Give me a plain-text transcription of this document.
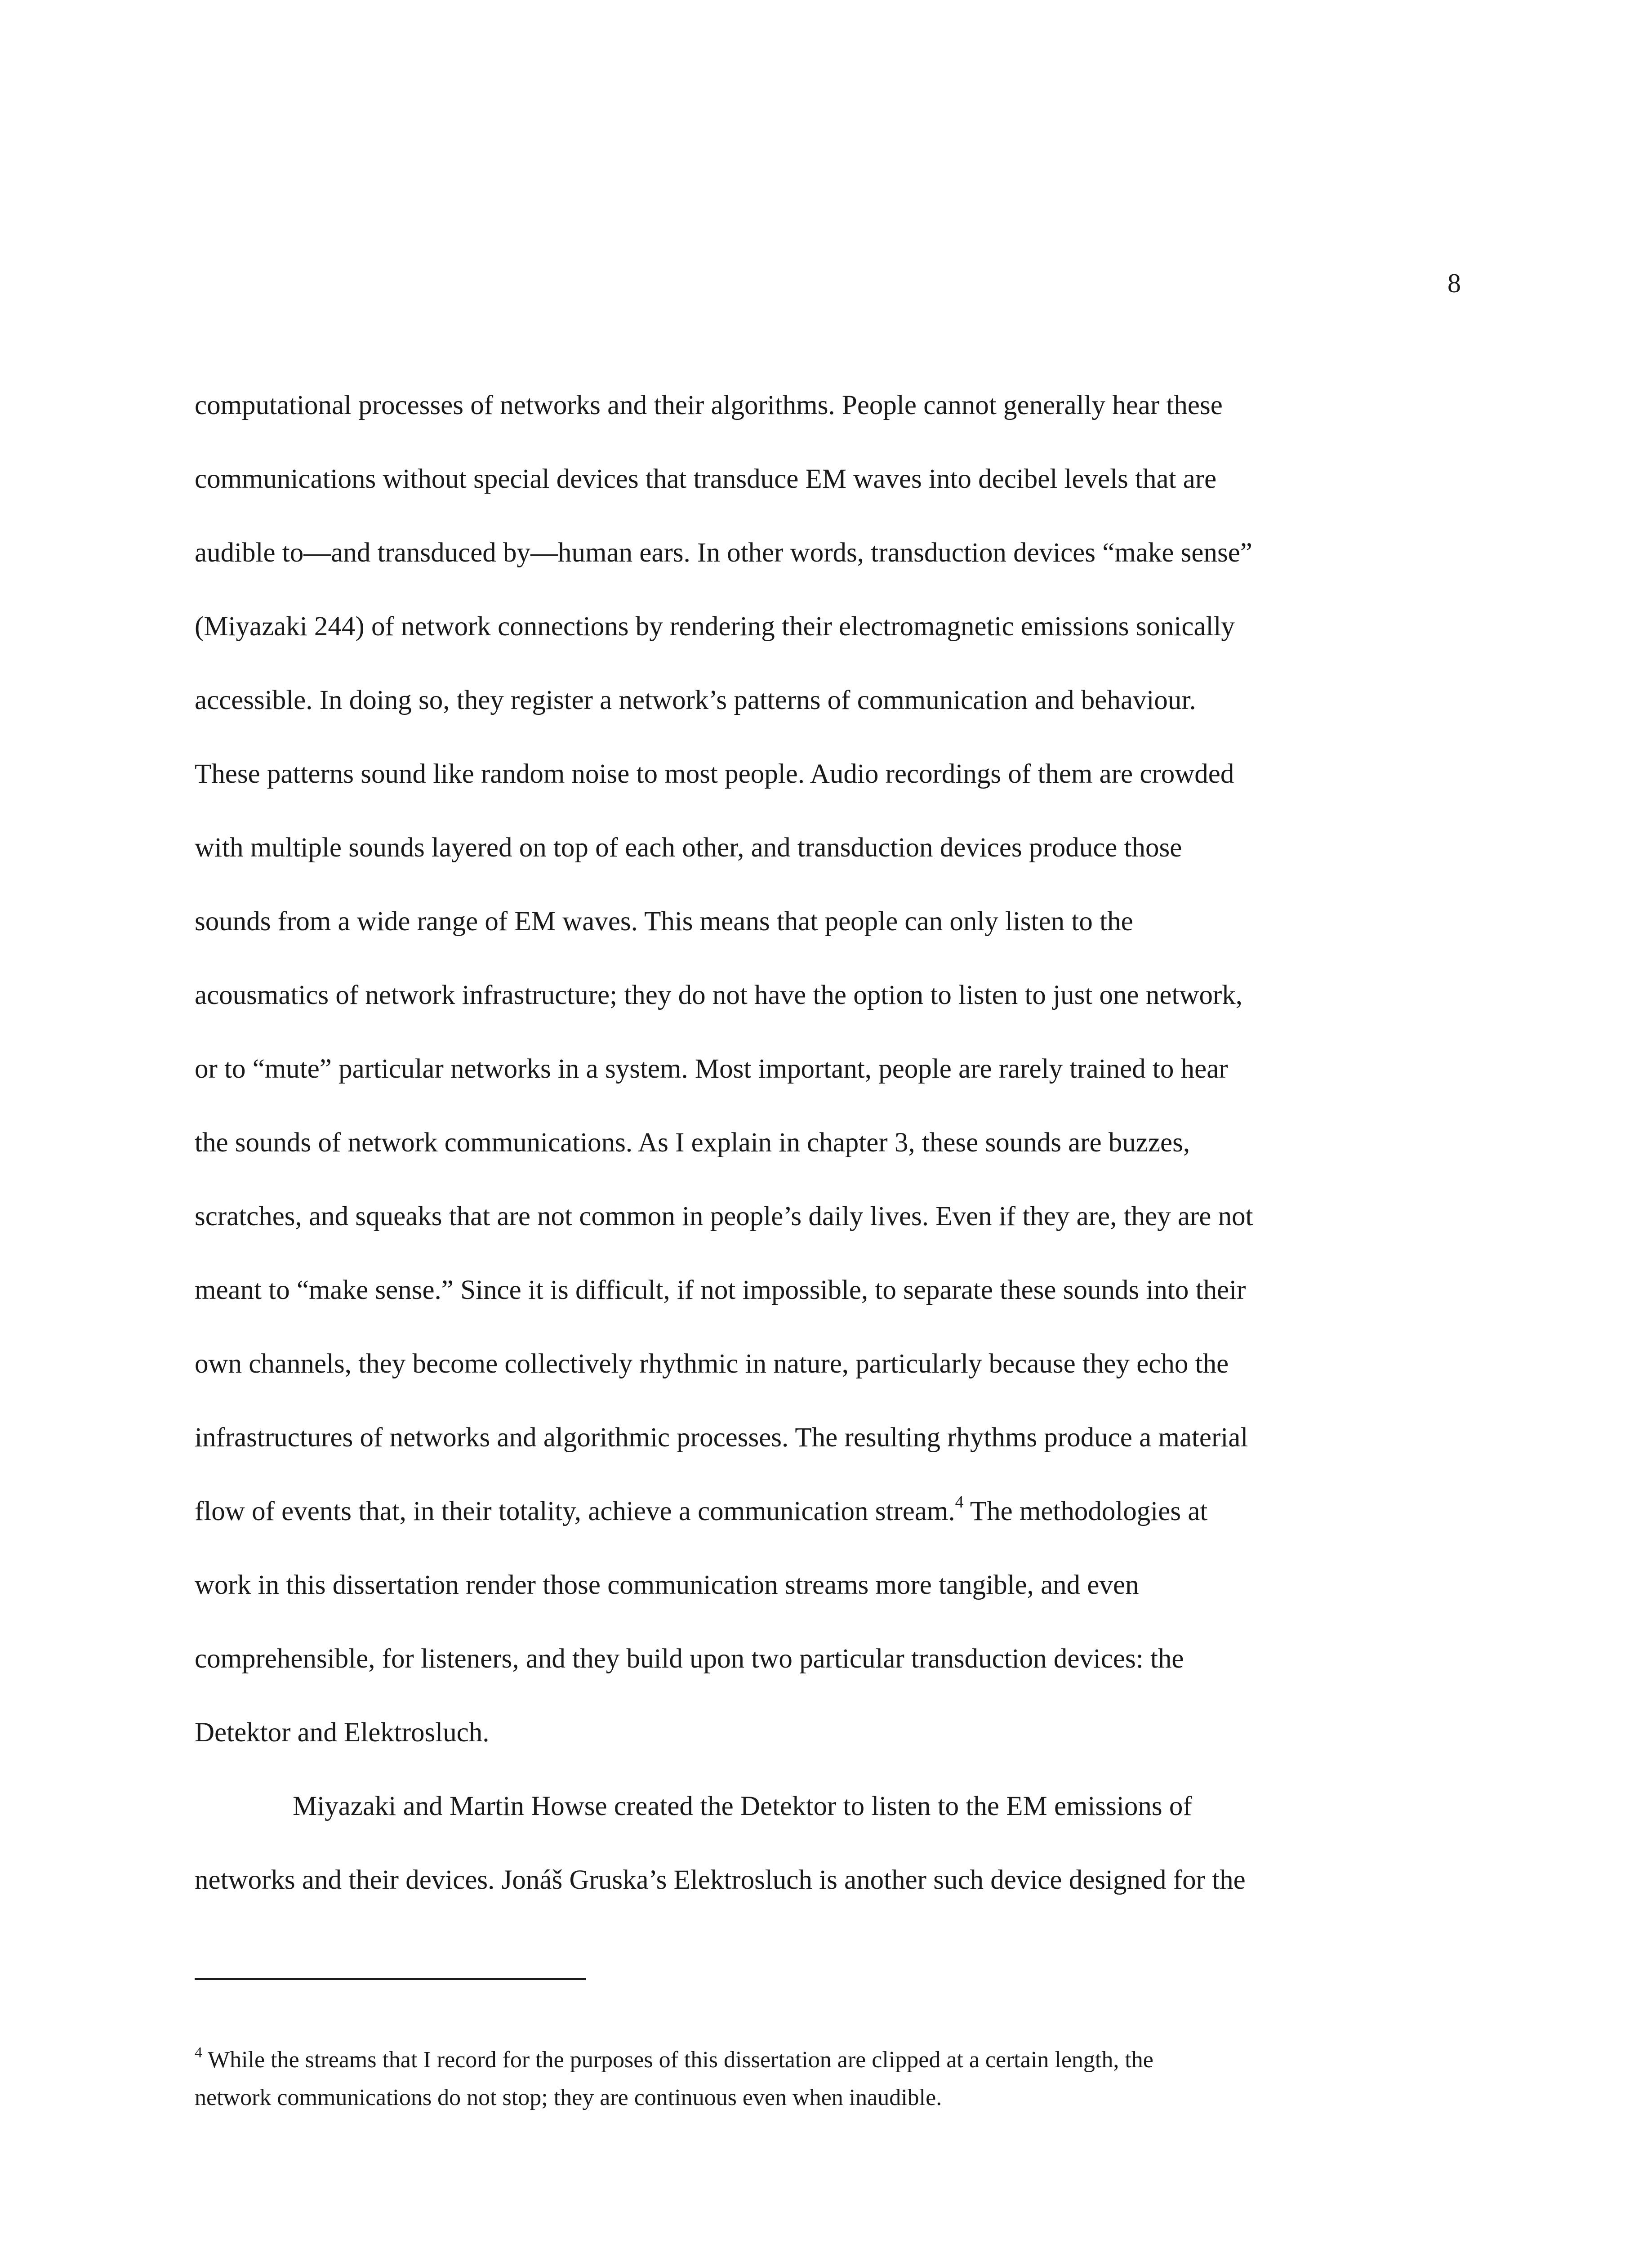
8
computational processes of networks and their algorithms. People cannot generally hear these
communications without special devices that transduce EM waves into decibel levels that are
audible to—and transduced by—human ears. In other words, transduction devices “make sense”
(Miyazaki 244) of network connections by rendering their electromagnetic emissions sonically
accessible. In doing so, they register a network’s patterns of communication and behaviour.
These patterns sound like random noise to most people. Audio recordings of them are crowded
with multiple sounds layered on top of each other, and transduction devices produce those
sounds from a wide range of EM waves. This means that people can only listen to the
acousmatics of network infrastructure; they do not have the option to listen to just one network,
or to “mute” particular networks in a system. Most important, people are rarely trained to hear
the sounds of network communications. As I explain in chapter 3, these sounds are buzzes,
scratches, and squeaks that are not common in people’s daily lives. Even if they are, they are not
meant to “make sense.” Since it is difficult, if not impossible, to separate these sounds into their
own channels, they become collectively rhythmic in nature, particularly because they echo the
infrastructures of networks and algorithmic processes. The resulting rhythms produce a material
flow of events that, in their totality, achieve a communication stream.$^4$ The methodologies at
work in this dissertation render those communication streams more tangible, and even
comprehensible, for listeners, and they build upon two particular transduction devices: the
Detektor and Elektrosluch.
Miyazaki and Martin Howse created the Detektor to listen to the EM emissions of
networks and their devices. Jonáš Gruska’s Elektrosluch is another such device designed for the
$^4$ While the streams that I record for the purposes of this dissertation are clipped at a certain length, the
network communications do not stop; they are continuous even when inaudible.
